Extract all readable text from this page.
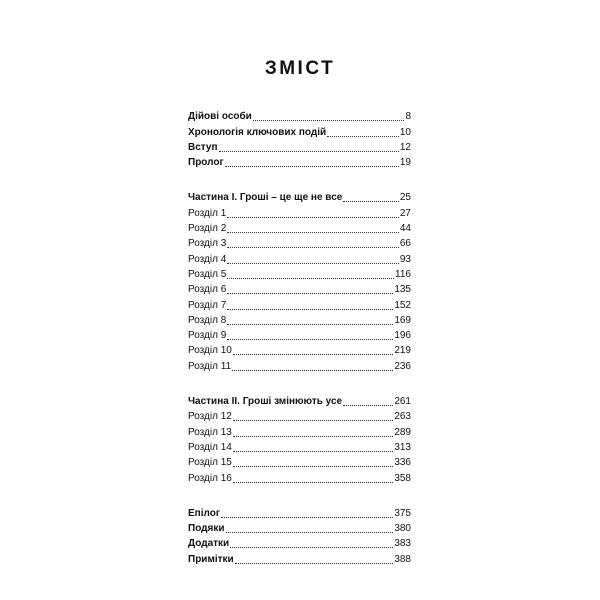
ЗМІСТ
Дійові особи	8
Хронологія ключових подій	10
Вступ	12
Пролог	19
Частина І. Гроші – це ще не все	25
Розділ 1	27
Розділ 2	44
Розділ 3	66
Розділ 4	93
Розділ 5	116
Розділ 6	135
Розділ 7	152
Розділ 8	169
Розділ 9	196
Розділ 10	219
Розділ 11	236
Частина ІІ. Гроші змінюють усе	261
Розділ 12	263
Розділ 13	289
Розділ 14	313
Розділ 15	336
Розділ 16	358
Епілог	375
Подяки	380
Додатки	383
Примітки	388
